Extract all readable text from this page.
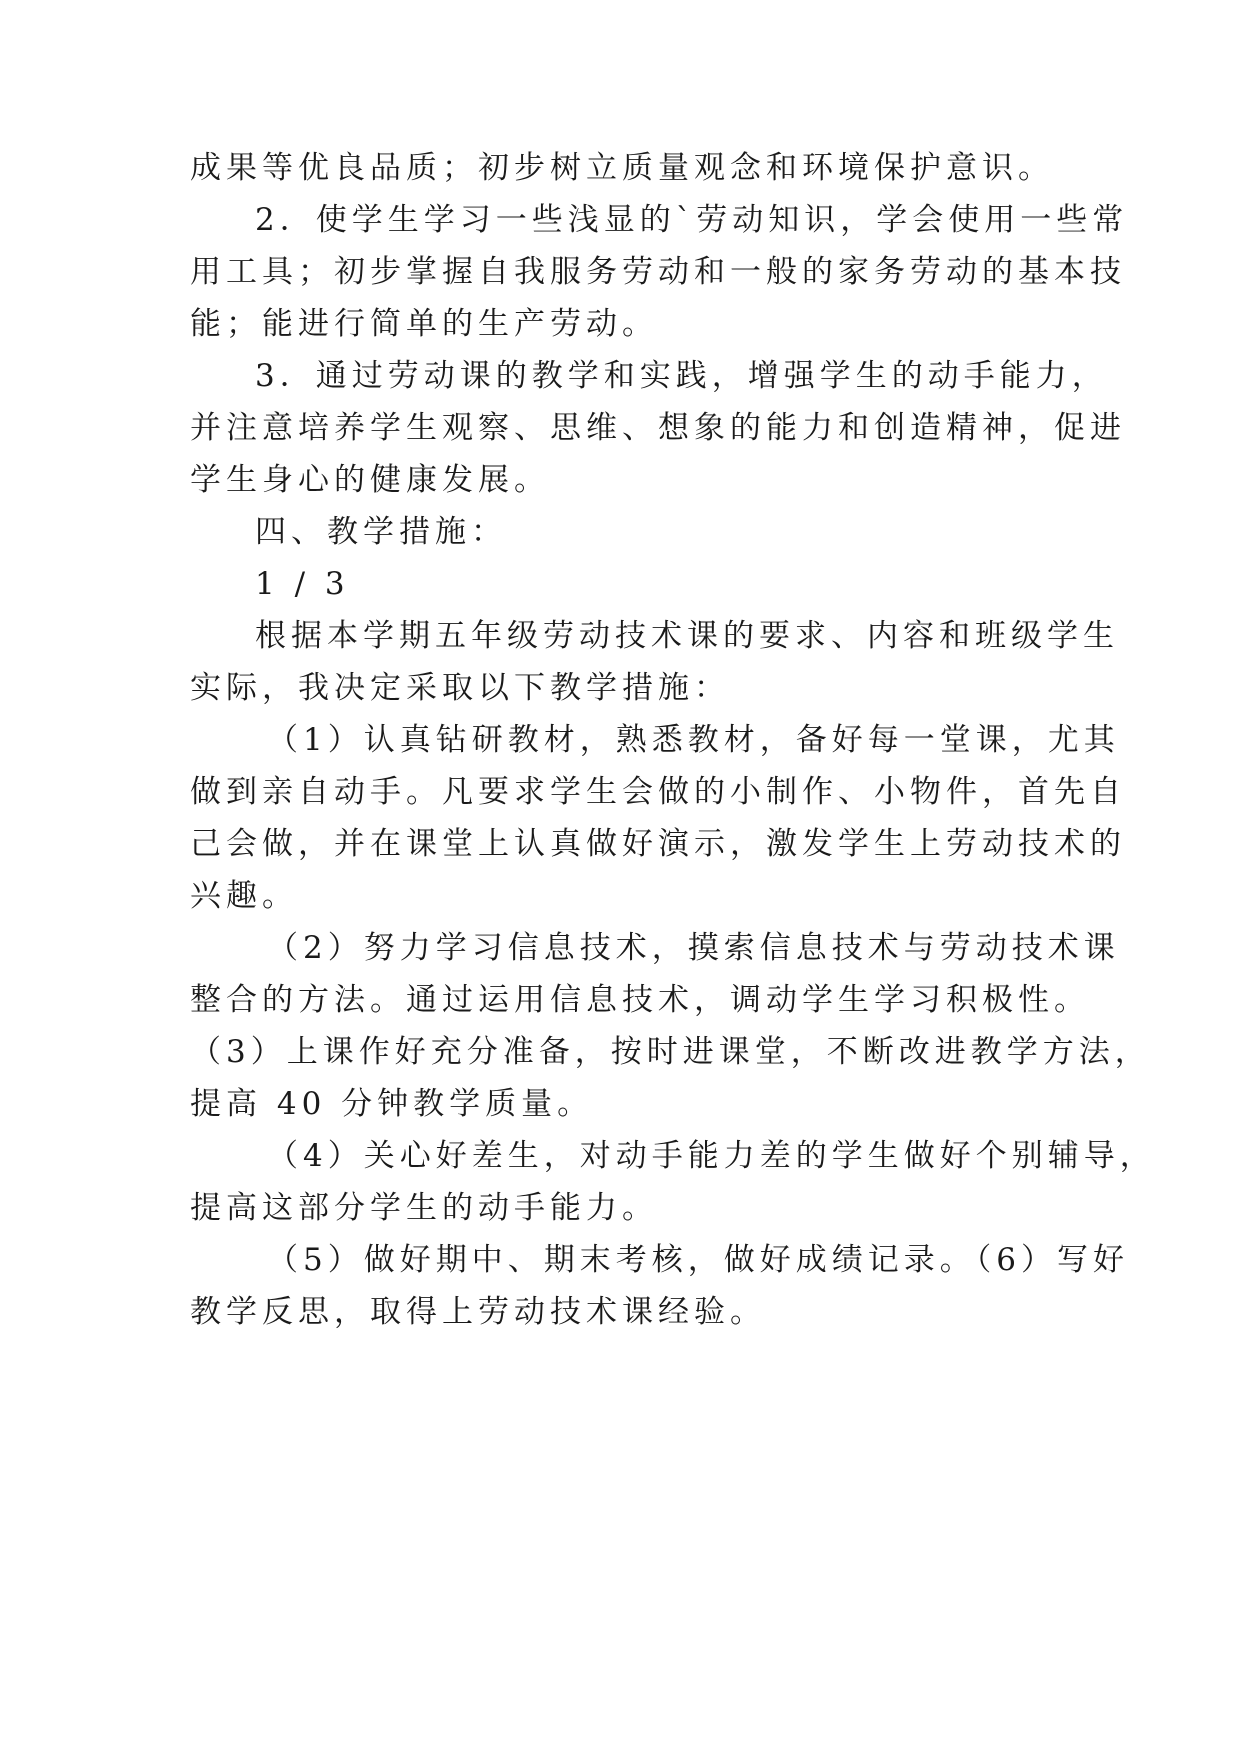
成果等优良品质；初步树立质量观念和环境保护意识。
2．使学生学习一些浅显的`劳动知识，学会使用一些常
用工具；初步掌握自我服务劳动和一般的家务劳动的基本技
能；能进行简单的生产劳动。
3．通过劳动课的教学和实践，增强学生的动手能力，
并注意培养学生观察、思维、想象的能力和创造精神，促进
学生身心的健康发展。
四、教学措施：
1 / 3
根据本学期五年级劳动技术课的要求、内容和班级学生
实际，我决定采取以下教学措施：
（1）认真钻研教材，熟悉教材，备好每一堂课，尤其
做到亲自动手。凡要求学生会做的小制作、小物件，首先自
己会做，并在课堂上认真做好演示，激发学生上劳动技术的
兴趣。
（2）努力学习信息技术，摸索信息技术与劳动技术课
整合的方法。通过运用信息技术，调动学生学习积极性。
（3）上课作好充分准备，按时进课堂，不断改进教学方法，
提高 40 分钟教学质量。
（4）关心好差生，对动手能力差的学生做好个别辅导，
提高这部分学生的动手能力。
（5）做好期中、期末考核，做好成绩记录。（6）写好
教学反思，取得上劳动技术课经验。
